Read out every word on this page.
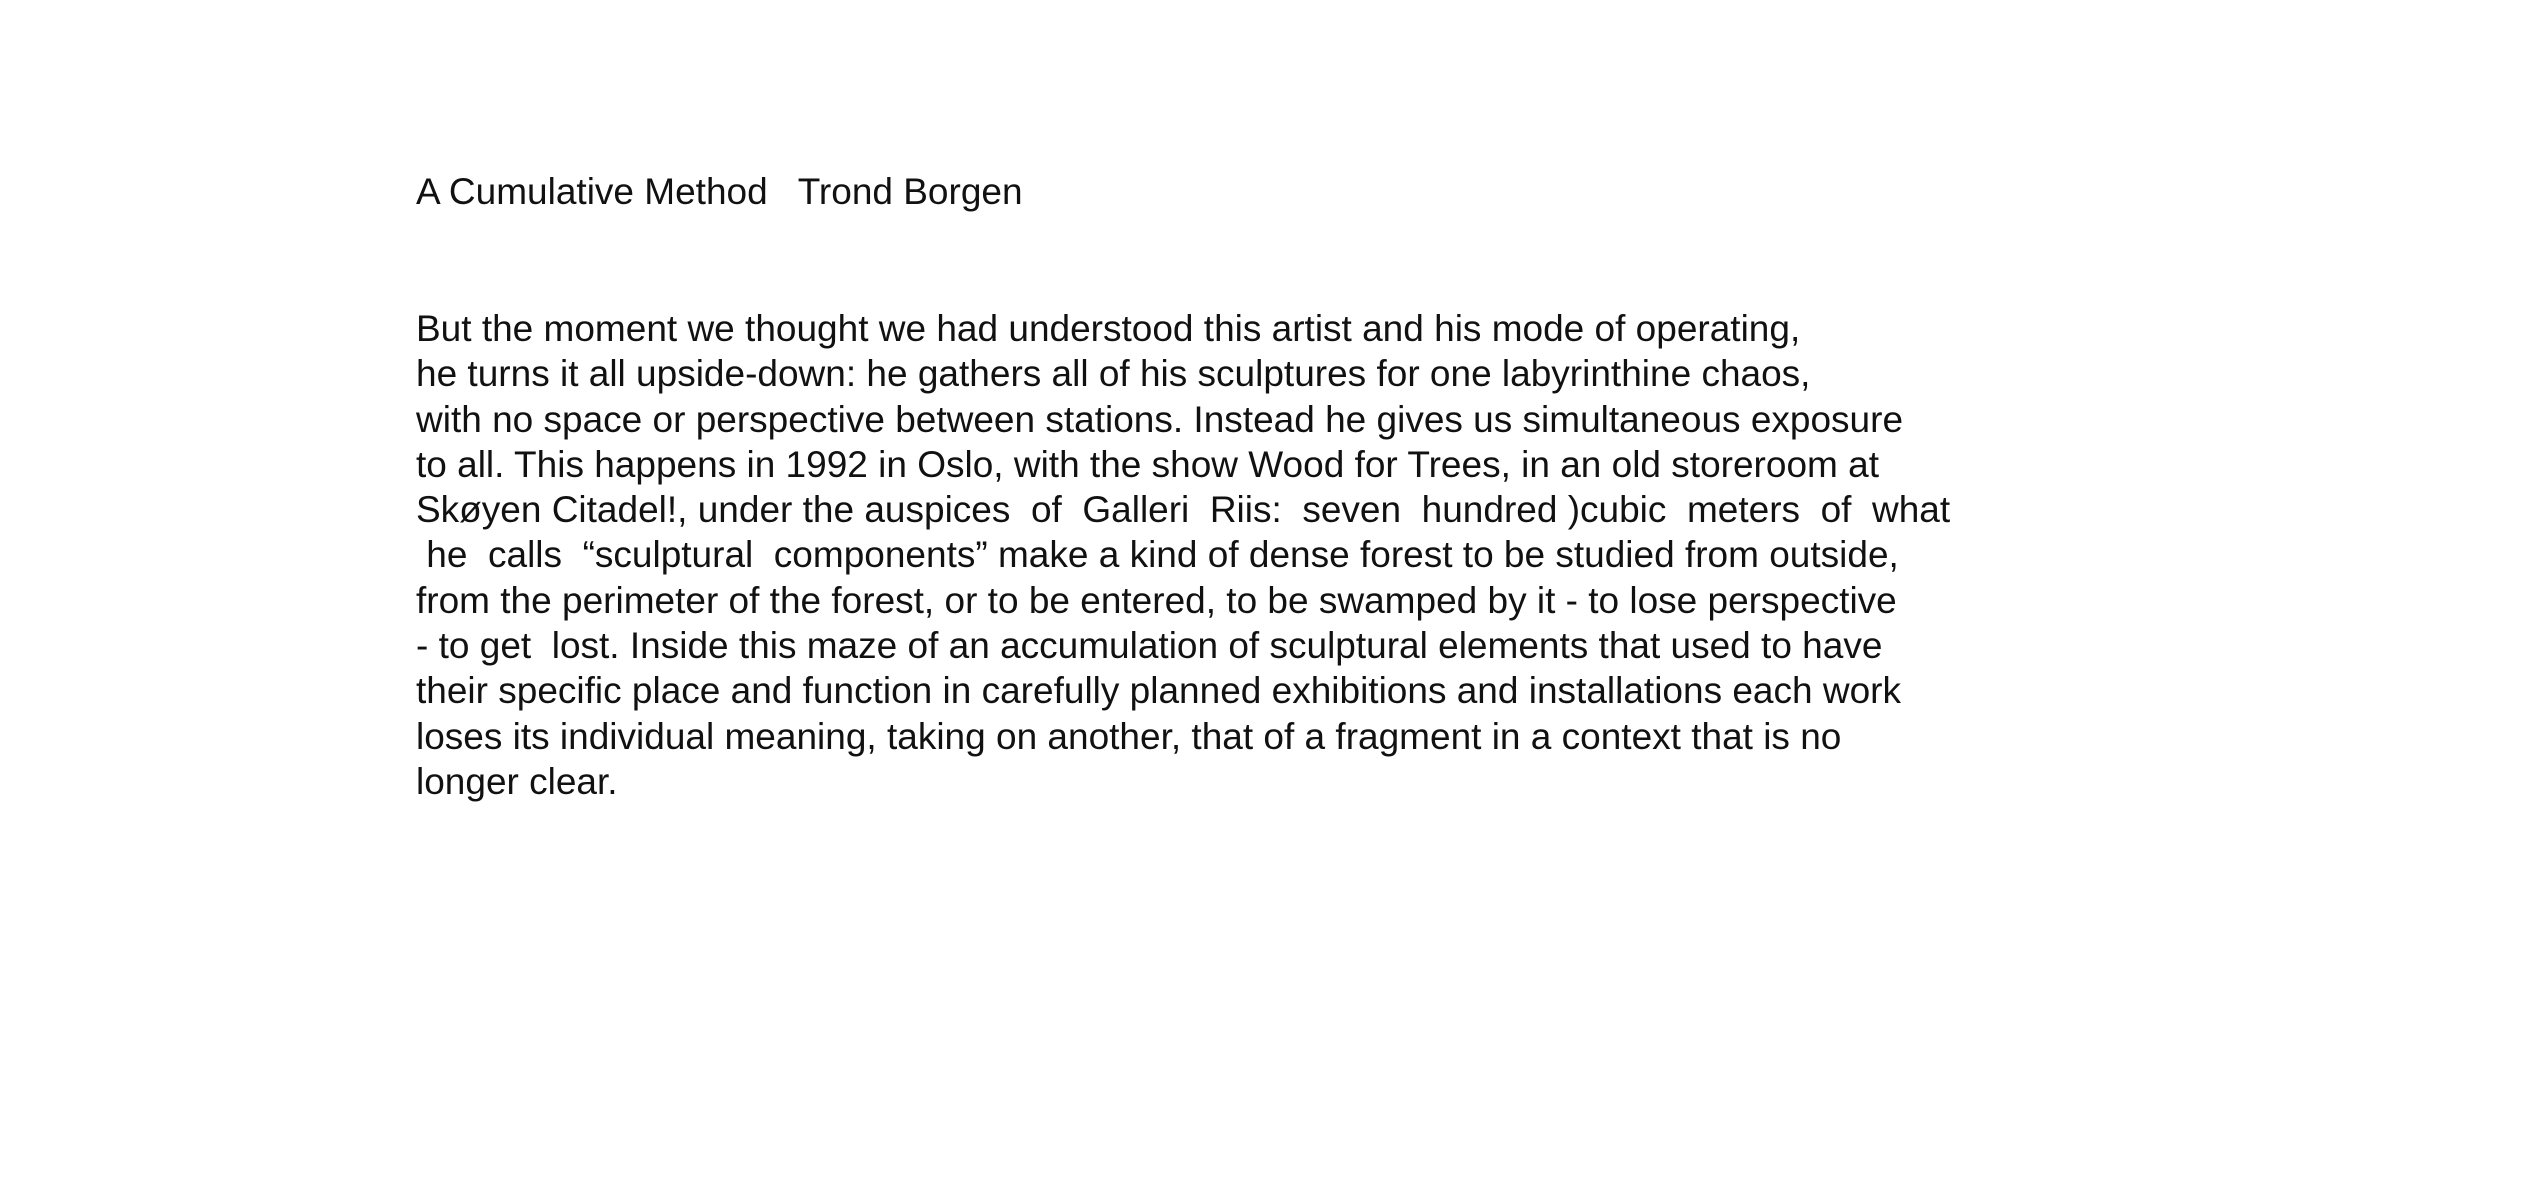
A Cumulative Method Trond Borgen
But the moment we thought we had understood this artist and his mode of operating,
he turns it all upside-down: he gathers all of his sculptures for one labyrinthine chaos,
with no space or perspective between stations. Instead he gives us simultaneous exposure
to all. This happens in 1992 in Oslo, with the show Wood for Trees, in an old storeroom at
Skøyen Citadel!, under the auspices  of  Galleri  Riis:  seven  hundred )cubic  meters  of  what
he  calls  “sculptural  components” make a kind of dense forest to be studied from outside,
from the perimeter of the forest, or to be entered, to be swamped by it - to lose perspective
- to get  lost. Inside this maze of an accumulation of sculptural elements that used to have
their specific place and function in carefully planned exhibitions and installations each work
loses its individual meaning, taking on another, that of a fragment in a context that is no
longer clear.
